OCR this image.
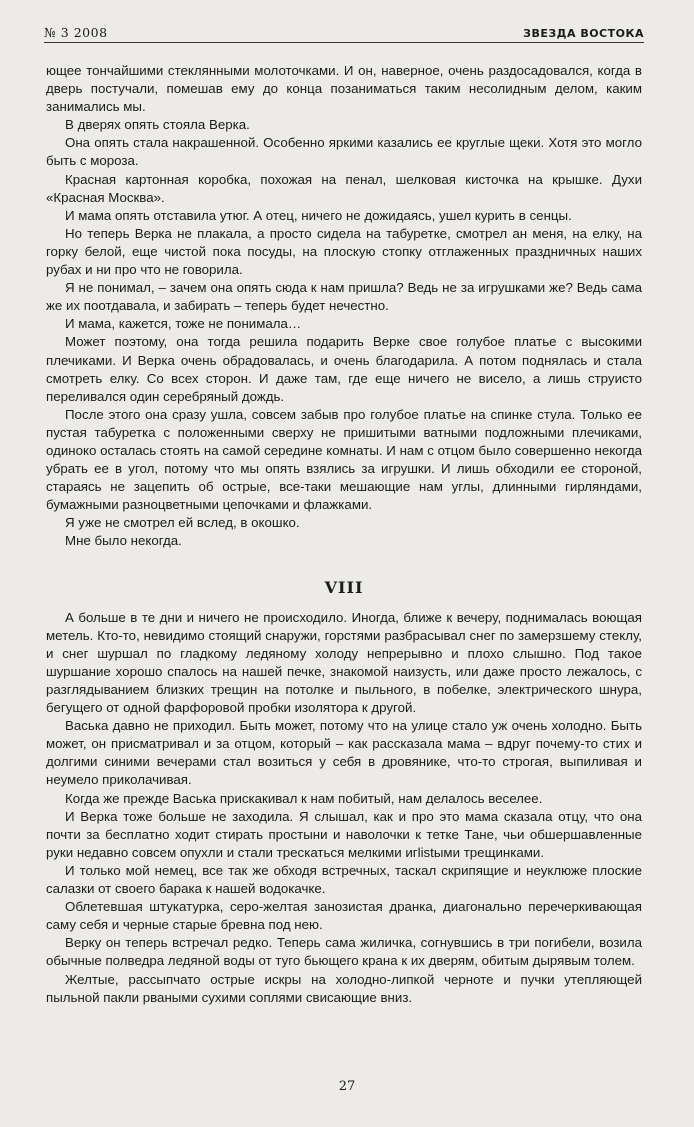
№ 3 2008	ЗВЕЗДА ВОСТОКА

ющее тончайшими стеклянными молоточками. И он, наверное, очень раздосадовался, когда в дверь постучали, помешав ему до конца позаниматься таким несолидным делом, каким занимались мы.

В дверях опять стояла Верка.

Она опять стала накрашенной. Особенно яркими казались ее круглые щеки. Хотя это могло быть с мороза.

Красная картонная коробка, похожая на пенал, шелковая кисточка на крышке. Духи «Красная Москва».

И мама опять отставила утюг. А отец, ничего не дожидаясь, ушел курить в сенцы.

Но теперь Верка не плакала, а просто сидела на табуретке, смотрел ан меня, на елку, на горку белой, еще чистой пока посуды, на плоскую стопку отглаженных праздничных наших рубах и ни про что не говорила.

Я не понимал, – зачем она опять сюда к нам пришла? Ведь не за игрушками же? Ведь сама же их поотдавала, и забирать – теперь будет нечестно.

И мама, кажется, тоже не понимала…

Может поэтому, она тогда решила подарить Верке свое голубое платье с высокими плечиками. И Верка очень обрадовалась, и очень благодарила. А потом поднялась и стала смотреть елку. Со всех сторон. И даже там, где еще ничего не висело, а лишь струисто переливался один серебряный дождь.

После этого она сразу ушла, совсем забыв про голубое платье на спинке стула. Только ее пустая табуретка с положенными сверху не пришитыми ватными подложными плечиками, одиноко осталась стоять на самой середине комнаты. И нам с отцом было совершенно некогда убрать ее в угол, потому что мы опять взялись за игрушки. И лишь обходили ее стороной, стараясь не зацепить об острые, все-таки мешающие нам углы, длинными гирляндами, бумажными разноцветными цепочками и флажками.

Я уже не смотрел ей вслед, в окошко.

Мне было некогда.

VIII

А больше в те дни и ничего не происходило. Иногда, ближе к вечеру, поднималась воющая метель. Кто-то, невидимо стоящий снаружи, горстями разбрасывал снег по замерзшему стеклу, и снег шуршал по гладкому ледяному холоду непрерывно и плохо слышно. Под такое шуршание хорошо спалось на нашей печке, знакомой наизусть, или даже просто лежалось, с разглядыванием близких трещин на потолке и пыльного, в побелке, электрического шнура, бегущего от одной фарфоровой пробки изолятора к другой.

Васька давно не приходил. Быть может, потому что на улице стало уж очень холодно. Быть может, он присматривал и за отцом, который – как рассказала мама – вдруг почему-то стих и долгими синими вечерами стал возиться у себя в дровянике, что-то строгая, выпиливая и неумело приколачивая.

Когда же прежде Васька прискакивал к нам побитый, нам делалось веселее.

И Верка тоже больше не заходила. Я слышал, как и про это мама сказала отцу, что она почти за бесплатно ходит стирать простыни и наволочки к тетке Тане, чьи обшершавленные руки недавно совсем опухли и стали трескаться мелкими игlistыми трещинками.

И только мой немец, все так же обходя встречных, таскал скрипящие и неуклюже плоские салазки от своего барака к нашей водокачке.

Облетевшая штукатурка, серо-желтая занозистая дранка, диагонально перечеркивающая саму себя и черные старые бревна под нею.

Верку он теперь встречал редко. Теперь сама жиличка, согнувшись в три погибели, возила обычные полведра ледяной воды от туго бьющего крана к их дверям, обитым дырявым толем.

Желтые, рассыпчато острые искры на холодно-липкой черноте и пучки утепляющей пыльной пакли рваными сухими соплями свисающие вниз.

27
